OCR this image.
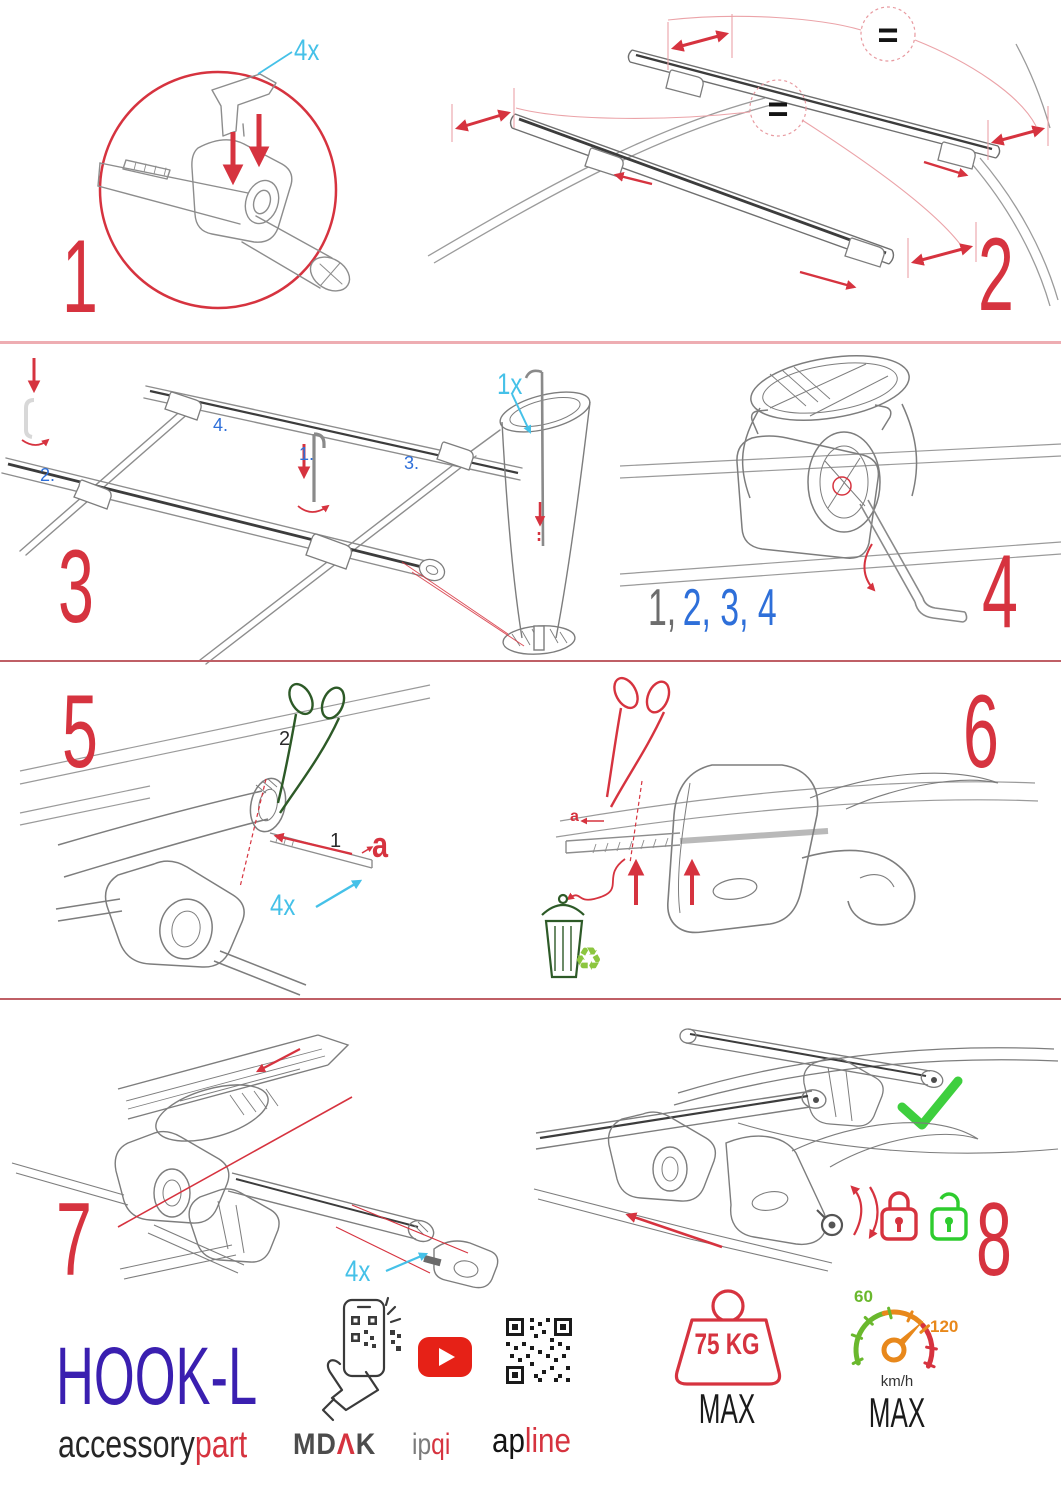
4x
1
=
=
2
1x
1.
2.
3.
4.
3	1, 2, 3, 4 4
5	2
1 a
4x
a
♻
6
7	4x	8
HOOK-L
accessorypart MDΛK ipqi apline
75 KG
MAX
60
120
km/h
MAX
